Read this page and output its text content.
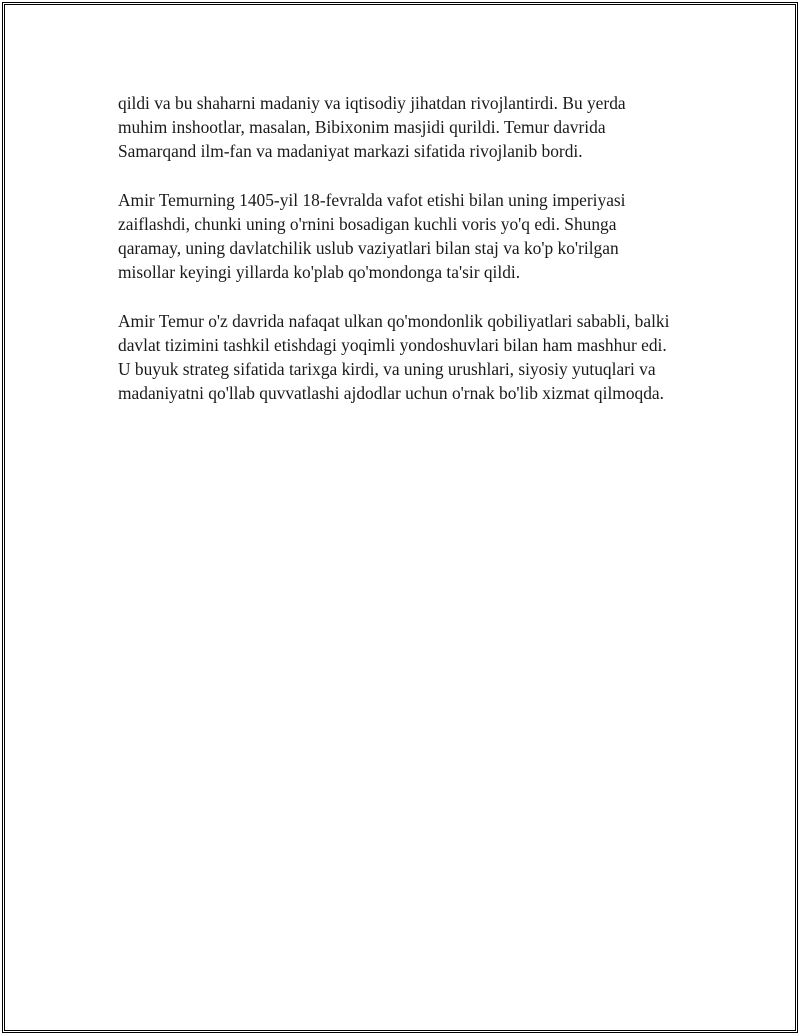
qildi va bu shaharni madaniy va iqtisodiy jihatdan rivojlantirdi. Bu yerda muhim inshootlar, masalan, Bibixonim masjidi qurildi. Temur davrida Samarqand ilm-fan va madaniyat markazi sifatida rivojlanib bordi.

Amir Temurning 1405-yil 18-fevralda vafot etishi bilan uning imperiyasi zaiflashdi, chunki uning o'rnini bosadigan kuchli voris yo'q edi. Shunga qaramay, uning davlatchilik uslub vaziyatlari bilan staj va ko'p ko'rilgan misollar keyingi yillarda ko'plab qo'mondonga ta'sir qildi.

Amir Temur o'z davrida nafaqat ulkan qo'mondonlik qobiliyatlari sababli, balki davlat tizimini tashkil etishdagi yoqimli yondoshuvlari bilan ham mashhur edi. U buyuk strateg sifatida tarixga kirdi, va uning urushlari, siyosiy yutuqlari va madaniyatni qo'llab quvvatlashi ajdodlar uchun o'rnak bo'lib xizmat qilmoqda.
